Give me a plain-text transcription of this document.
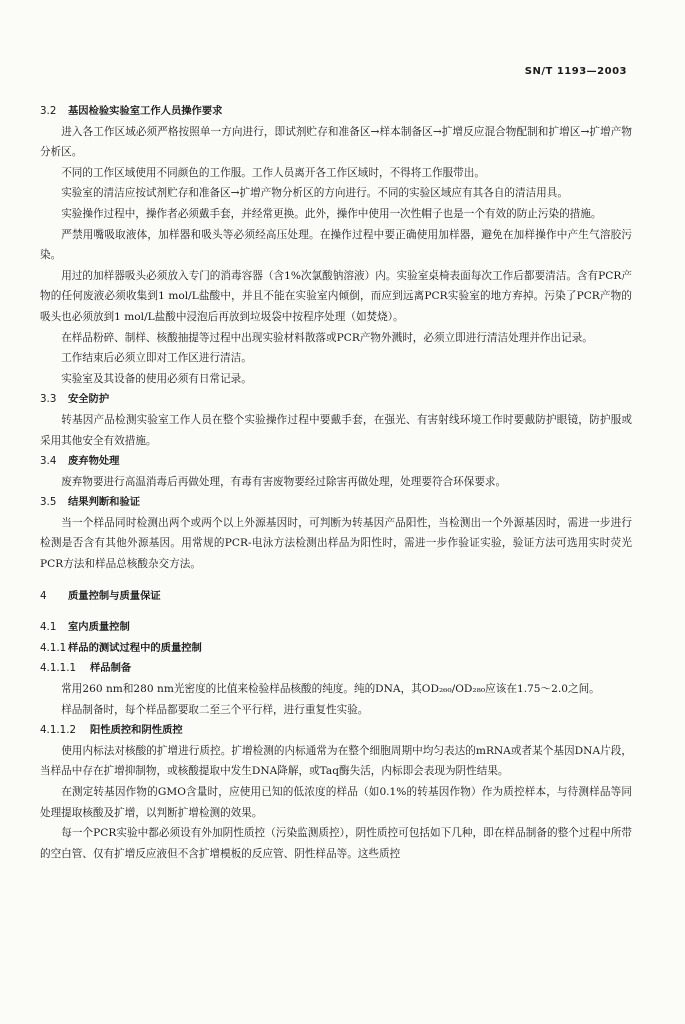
SN/T 1193—2003

3.2 基因检验实验室工作人员操作要求

进入各工作区域必须严格按照单一方向进行，即试剂贮存和准备区→样本制备区→扩增反应混合物配制和扩增区→扩增产物分析区。

不同的工作区域使用不同颜色的工作服。工作人员离开各工作区域时，不得将工作服带出。

实验室的清洁应按试剂贮存和准备区→扩增产物分析区的方向进行。不同的实验区域应有其各自的清洁用具。

实验操作过程中，操作者必须戴手套，并经常更换。此外，操作中使用一次性帽子也是一个有效的防止污染的措施。

严禁用嘴吸取液体，加样器和吸头等必须经高压处理。在操作过程中要正确使用加样器，避免在加样操作中产生气溶胶污染。

用过的加样器吸头必须放入专门的消毒容器（含1%次氯酸钠溶液）内。实验室桌椅表面每次工作后都要清洁。含有PCR产物的任何废液必须收集到1 mol/L盐酸中，并且不能在实验室内倾倒，而应到远离PCR实验室的地方弃掉。污染了PCR产物的吸头也必须放到1 mol/L盐酸中浸泡后再放到垃圾袋中按程序处理（如焚烧）。

在样品粉碎、制样、核酸抽提等过程中出现实验材料散落或PCR产物外溅时，必须立即进行清洁处理并作出记录。

工作结束后必须立即对工作区进行清洁。

实验室及其设备的使用必须有日常记录。

3.3 安全防护

转基因产品检测实验室工作人员在整个实验操作过程中要戴手套，在强光、有害射线环境工作时要戴防护眼镜，防护服或采用其他安全有效措施。

3.4 废弃物处理

废弃物要进行高温消毒后再做处理，有毒有害废物要经过除害再做处理，处理要符合环保要求。

3.5 结果判断和验证

当一个样品同时检测出两个或两个以上外源基因时，可判断为转基因产品阳性，当检测出一个外源基因时，需进一步进行检测是否含有其他外源基因。用常规的PCR-电泳方法检测出样品为阳性时，需进一步作验证实验，验证方法可选用实时荧光PCR方法和样品总核酸杂交方法。

4 质量控制与质量保证

4.1 室内质量控制

4.1.1 样品的测试过程中的质量控制

4.1.1.1 样品制备

常用260 nm和280 nm光密度的比值来检验样品核酸的纯度。纯的DNA，其OD₂₆₀/OD₂₈₀应该在1.75～2.0之间。

样品制备时，每个样品都要取二至三个平行样，进行重复性实验。

4.1.1.2 阳性质控和阴性质控

使用内标法对核酸的扩增进行质控。扩增检测的内标通常为在整个细胞周期中均匀表达的mRNA或者某个基因DNA片段，当样品中存在扩增抑制物，或核酸提取中发生DNA降解，或Taq酶失活，内标即会表现为阴性结果。

在测定转基因作物的GMO含量时，应使用已知的低浓度的样品（如0.1%的转基因作物）作为质控样本，与待测样品等同处理提取核酸及扩增，以判断扩增检测的效果。

每一个PCR实验中都必须设有外加阴性质控（污染监测质控），阴性质控可包括如下几种，即在样品制备的整个过程中所带的空白管、仅有扩增反应液但不含扩增模板的反应管、阴性样品等。这些质控
